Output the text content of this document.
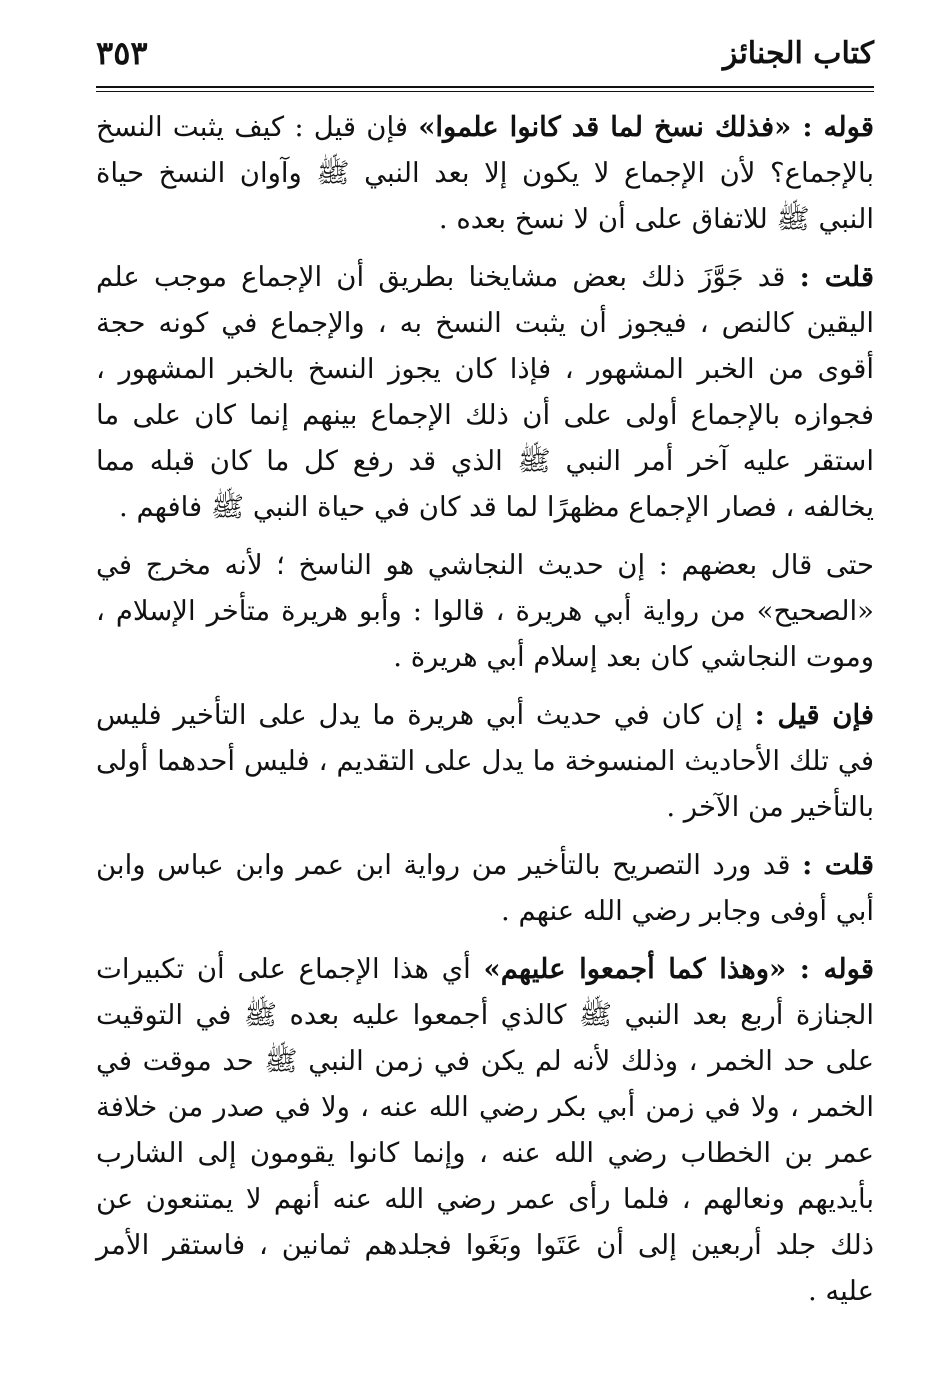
كتاب الجنائز
٣٥٣

قوله : «فذلك نسخ لما قد كانوا علموا» فإن قيل : كيف يثبت النسخ بالإجماع؟ لأن الإجماع لا يكون إلا بعد النبي ﷺ وآوان النسخ حياة النبي ﷺ للاتفاق على أن لا نسخ بعده .

قلت : قد جَوَّزَ ذلك بعض مشايخنا بطريق أن الإجماع موجب علم اليقين كالنص ، فيجوز أن يثبت النسخ به ، والإجماع في كونه حجة أقوى من الخبر المشهور ، فإذا كان يجوز النسخ بالخبر المشهور ، فجوازه بالإجماع أولى على أن ذلك الإجماع بينهم إنما كان على ما استقر عليه آخر أمر النبي ﷺ الذي قد رفع كل ما كان قبله مما يخالفه ، فصار الإجماع مظهرًا لما قد كان في حياة النبي ﷺ فافهم .

حتى قال بعضهم : إن حديث النجاشي هو الناسخ ؛ لأنه مخرج في «الصحيح» من رواية أبي هريرة ، قالوا : وأبو هريرة متأخر الإسلام ، وموت النجاشي كان بعد إسلام أبي هريرة .

فإن قيل : إن كان في حديث أبي هريرة ما يدل على التأخير فليس في تلك الأحاديث المنسوخة ما يدل على التقديم ، فليس أحدهما أولى بالتأخير من الآخر .

قلت : قد ورد التصريح بالتأخير من رواية ابن عمر وابن عباس وابن أبي أوفى وجابر رضي الله عنهم .

قوله : «وهذا كما أجمعوا عليهم» أي هذا الإجماع على أن تكبيرات الجنازة أربع بعد النبي ﷺ كالذي أجمعوا عليه بعده ﷺ في التوقيت على حد الخمر ، وذلك لأنه لم يكن في زمن النبي ﷺ حد موقت في الخمر ، ولا في زمن أبي بكر رضي الله عنه ، ولا في صدر من خلافة عمر بن الخطاب رضي الله عنه ، وإنما كانوا يقومون إلى الشارب بأيديهم ونعالهم ، فلما رأى عمر رضي الله عنه أنهم لا يمتنعون عن ذلك جلد أربعين إلى أن عَتَوا وبَغَوا فجلدهم ثمانين ، فاستقر الأمر عليه .
